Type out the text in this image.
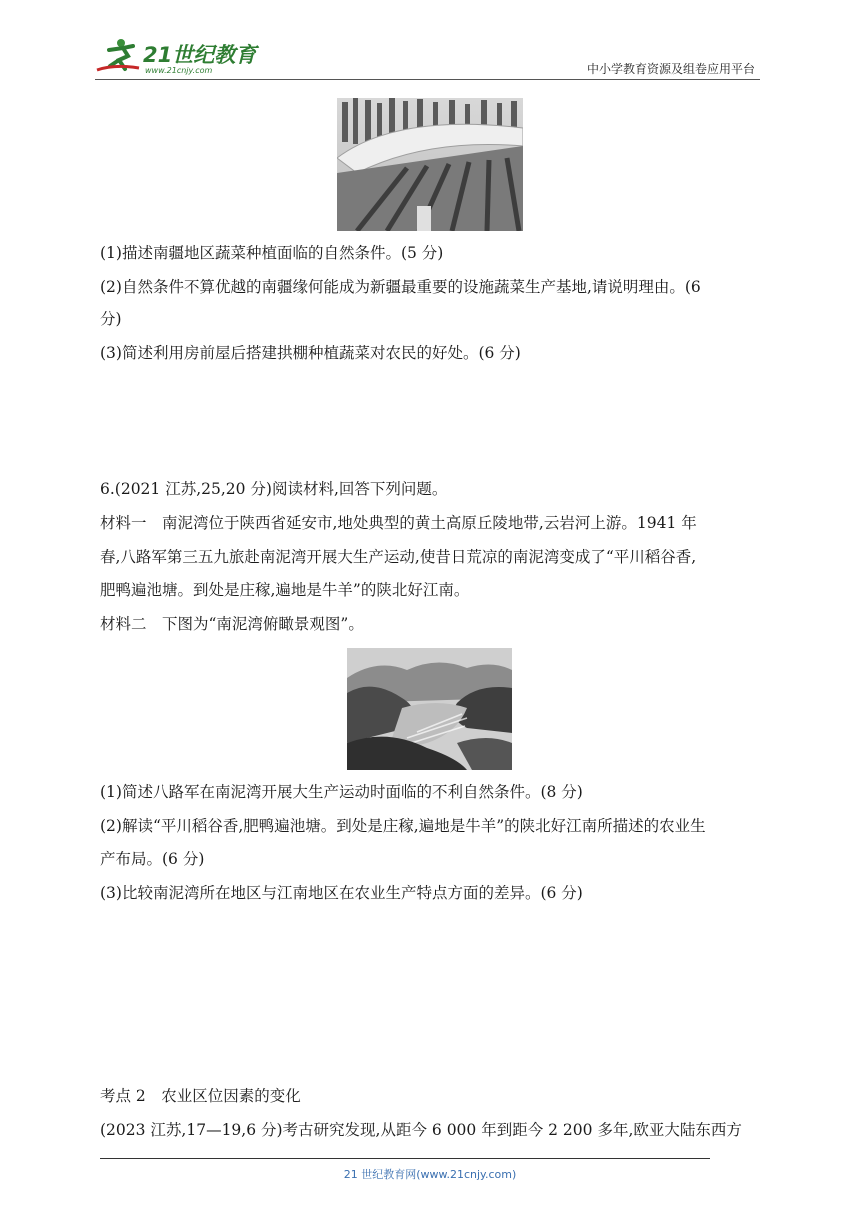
21世纪教育
www.21cnjy.com	中小学教育资源及组卷应用平台
(1)描述南疆地区蔬菜种植面临的自然条件。(5 分)
(2)自然条件不算优越的南疆缘何能成为新疆最重要的设施蔬菜生产基地,请说明理由。(6
分)
(3)简述利用房前屋后搭建拱棚种植蔬菜对农民的好处。(6 分)
6.(2021 江苏,25,20 分)阅读材料,回答下列问题。
材料一　南泥湾位于陕西省延安市,地处典型的黄土高原丘陵地带,云岩河上游。1941 年
春,八路军第三五九旅赴南泥湾开展大生产运动,使昔日荒凉的南泥湾变成了“平川稻谷香,
肥鸭遍池塘。到处是庄稼,遍地是牛羊”的陕北好江南。
材料二　下图为“南泥湾俯瞰景观图”。
(1)简述八路军在南泥湾开展大生产运动时面临的不利自然条件。(8 分)
(2)解读“平川稻谷香,肥鸭遍池塘。到处是庄稼,遍地是牛羊”的陕北好江南所描述的农业生
产布局。(6 分)
(3)比较南泥湾所在地区与江南地区在农业生产特点方面的差异。(6 分)
考点 2　农业区位因素的变化
(2023 江苏,17—19,6 分)考古研究发现,从距今 6 000 年到距今 2 200 多年,欧亚大陆东西方
21 世纪教育网(www.21cnjy.com)
